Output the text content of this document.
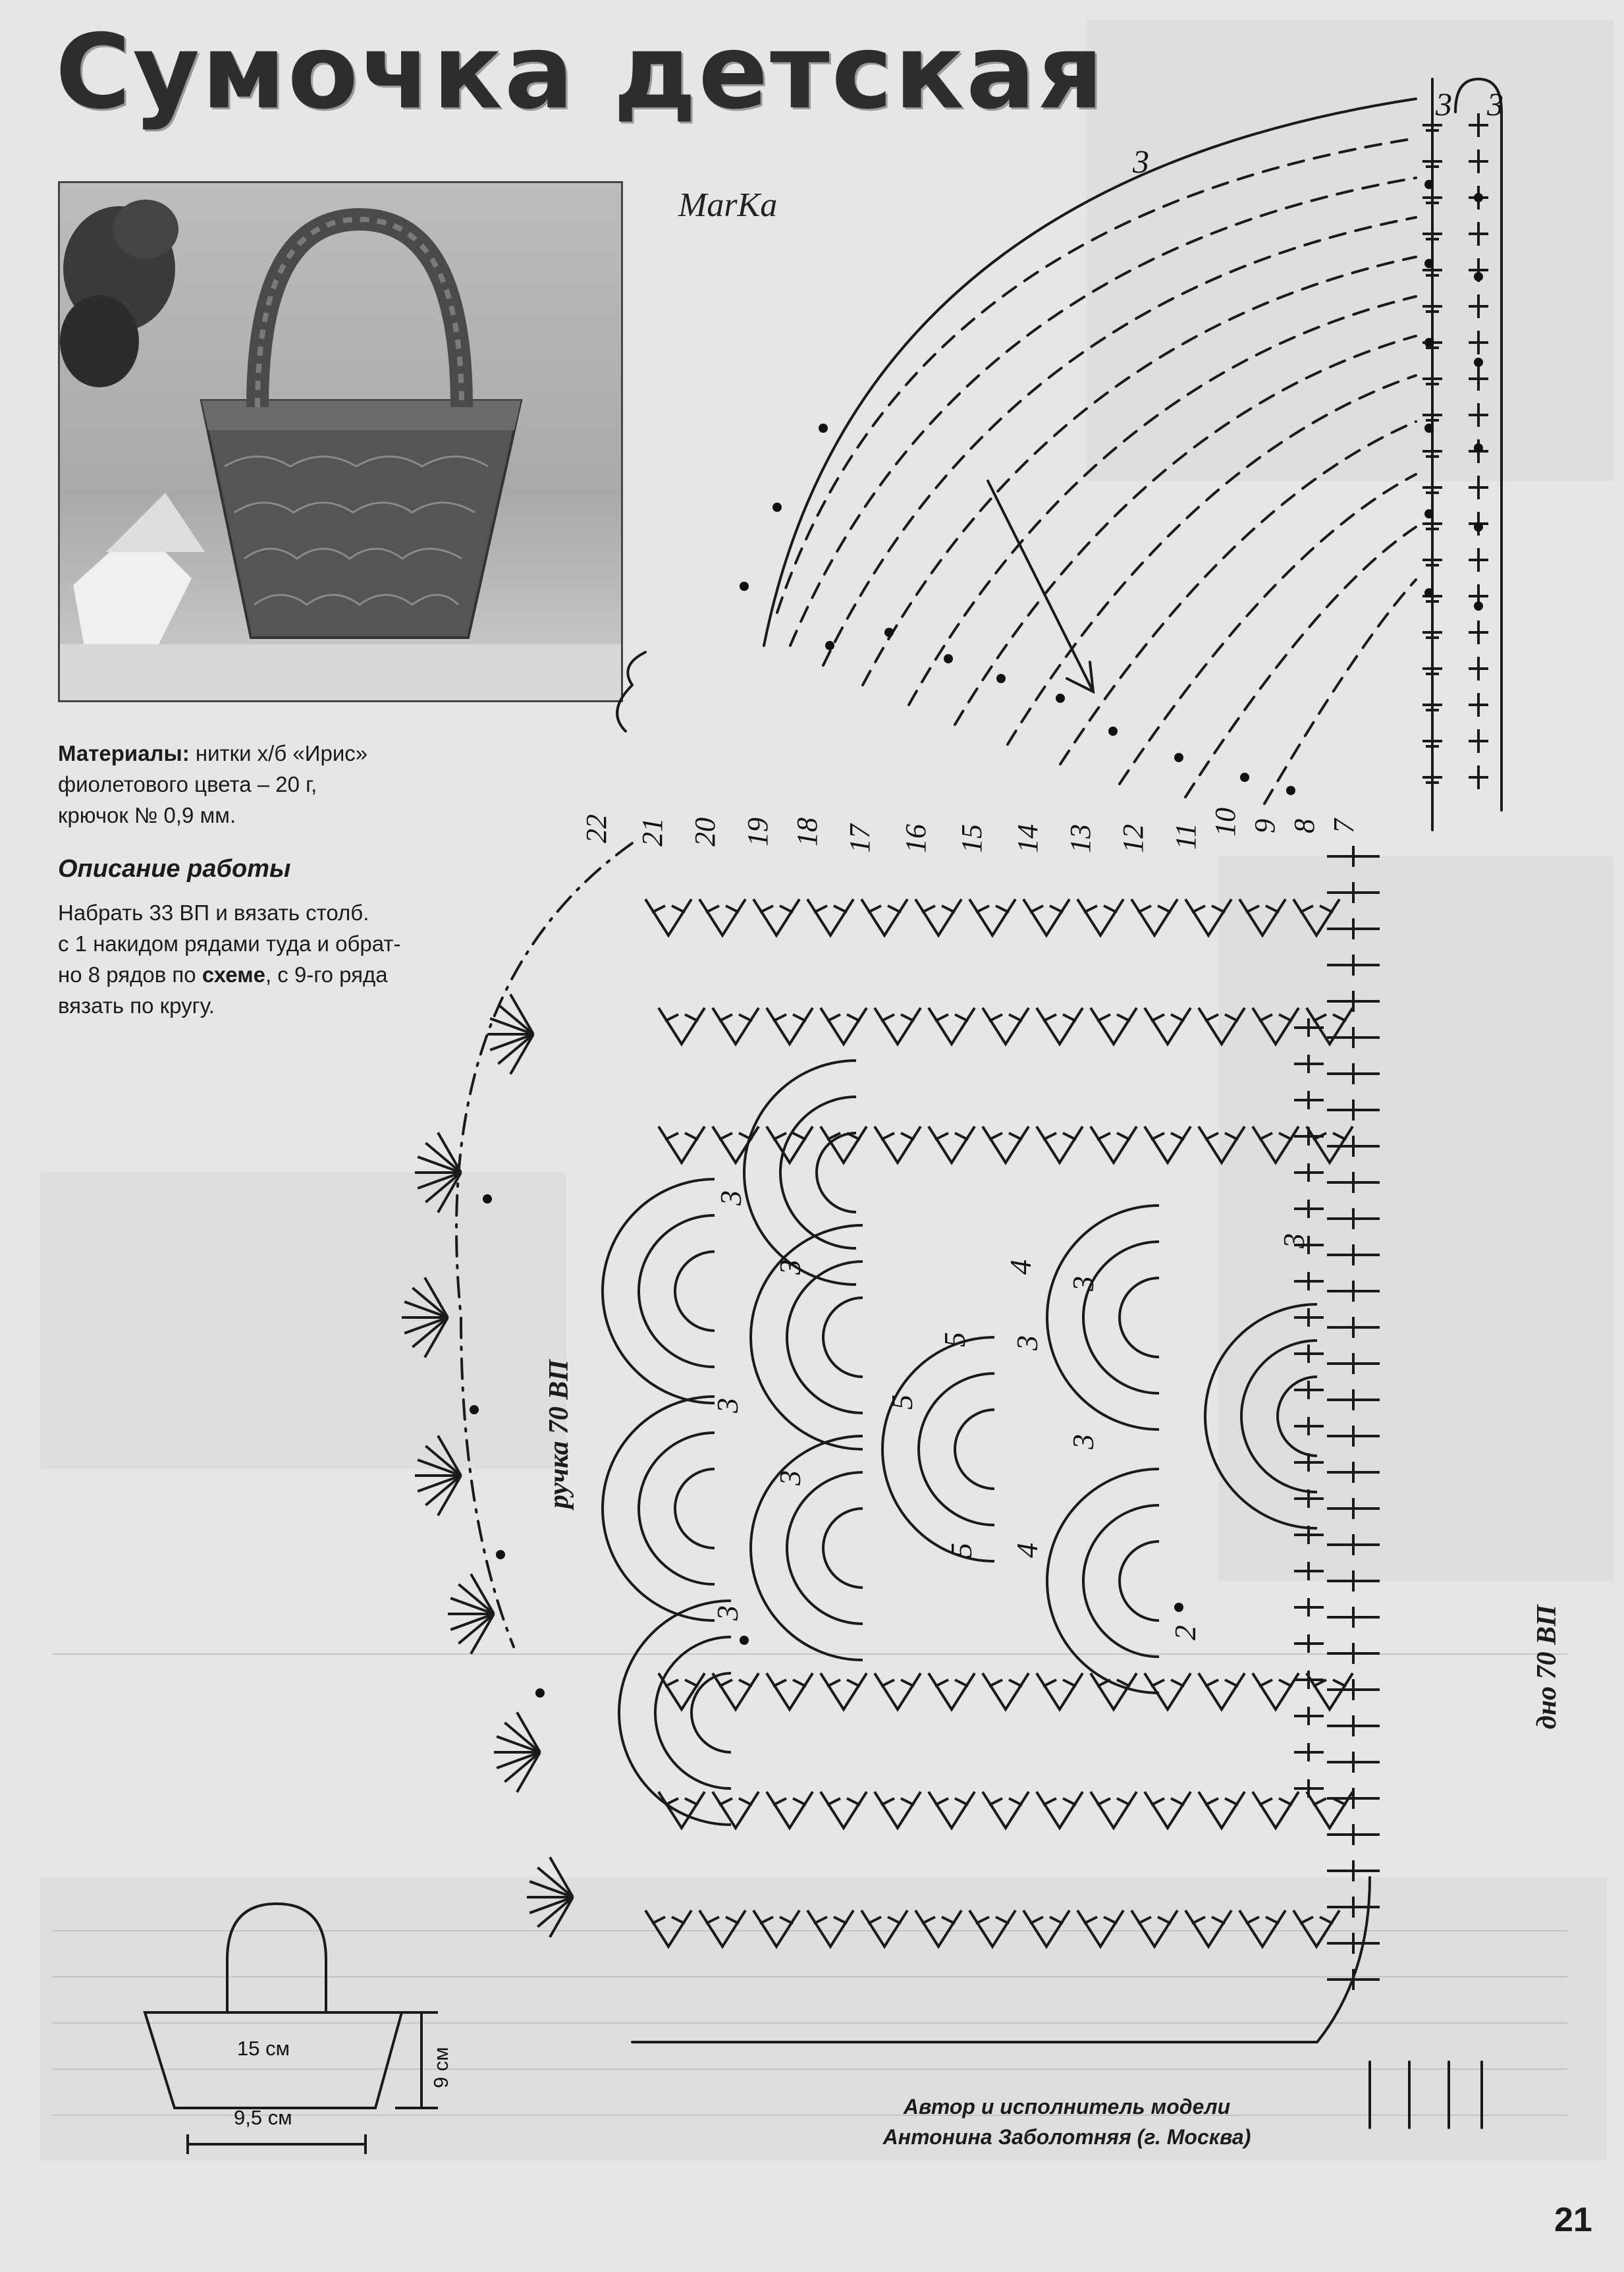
Сумочка детская
MarKa
Материалы: нитки х/б «Ирис»
фиолетового цвета – 20 г,
крючок № 0,9 мм.
Описание работы
Набрать 33 ВП и вязать столб.
с 1 накидом рядами туда и обрат-
но 8 рядов по схеме, с 9-го ряда
вязать по кругу.
7
8
9
10
11
12
13
14
15
16
17
18
19
20
21
22
3 3
3
3
3
3
3
3
5
4
5
3
2
3
3
3
4
5
15 см
9,5 см
9 см
ручка 70 ВП
дно 70 ВП
Автор и исполнитель модели
Антонина Заболотняя (г. Москва)
21
